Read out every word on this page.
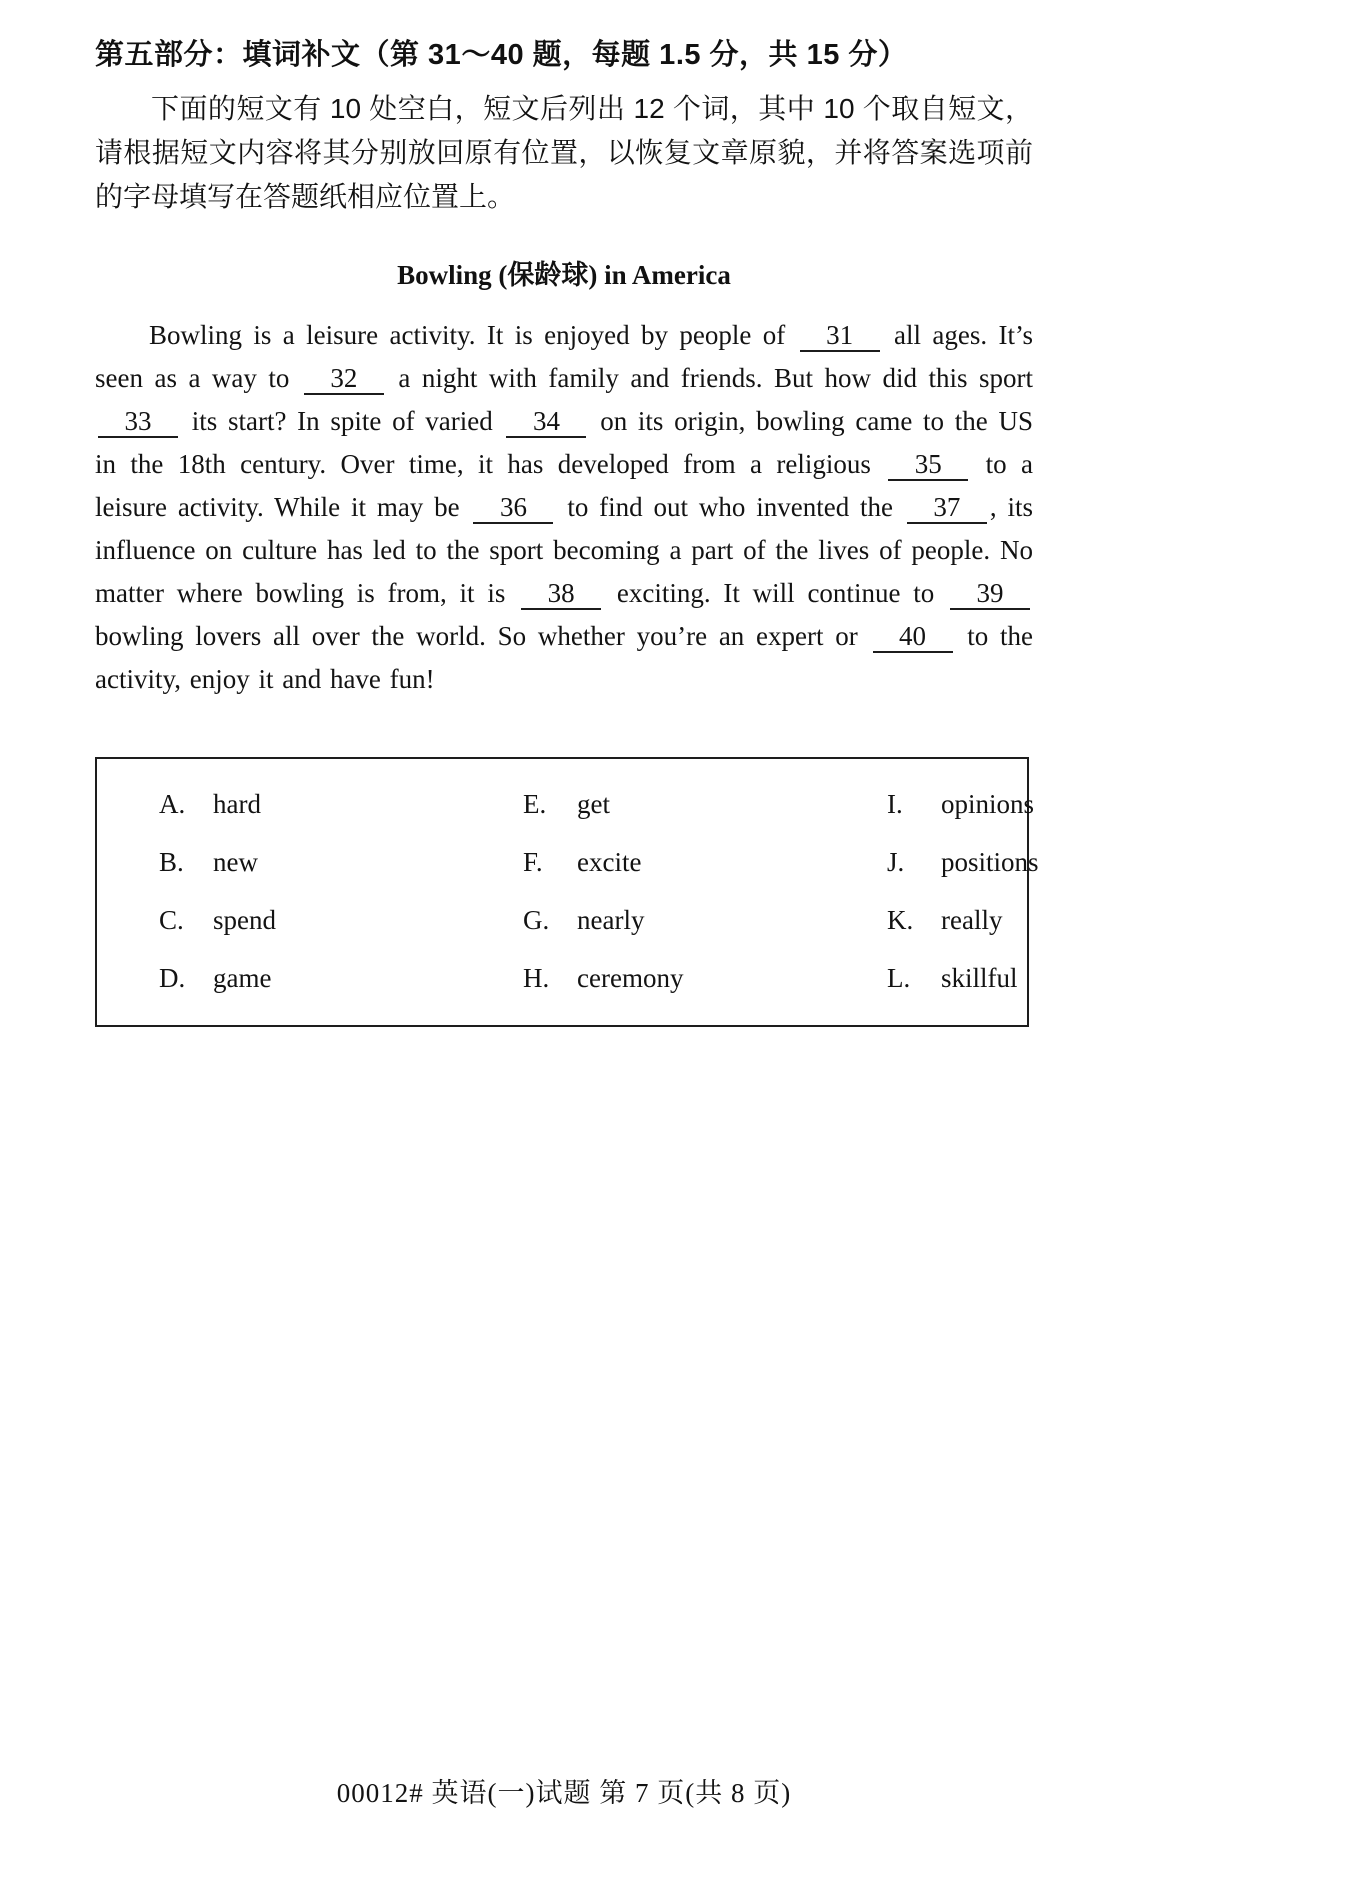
第五部分：填词补文（第 31～40 题，每题 1.5 分，共 15 分）
下面的短文有 10 处空白，短文后列出 12 个词，其中 10 个取自短文，请根据短文内容将其分别放回原有位置，以恢复文章原貌，并将答案选项前的字母填写在答题纸相应位置上。
Bowling (保龄球) in America
Bowling is a leisure activity. It is enjoyed by people of 31 all ages. It’s seen as a way to 32 a night with family and friends. But how did this sport 33 its start? In spite of varied 34 on its origin, bowling came to the US in the 18th century. Over time, it has developed from a religious 35 to a leisure activity. While it may be 36 to find out who invented the 37 , its influence on culture has led to the sport becoming a part of the lives of people. No matter where bowling is from, it is 38 exciting. It will continue to 39 bowling lovers all over the world. So whether you’re an expert or 40 to the activity, enjoy it and have fun!
A.	hard
B.	new
C.	spend
D.	game
E.	get
F.	excite
G.	nearly
H.	ceremony
I.	opinions
J.	positions
K.	really
L.	skillful
00012# 英语(一)试题 第 7 页(共 8 页)
